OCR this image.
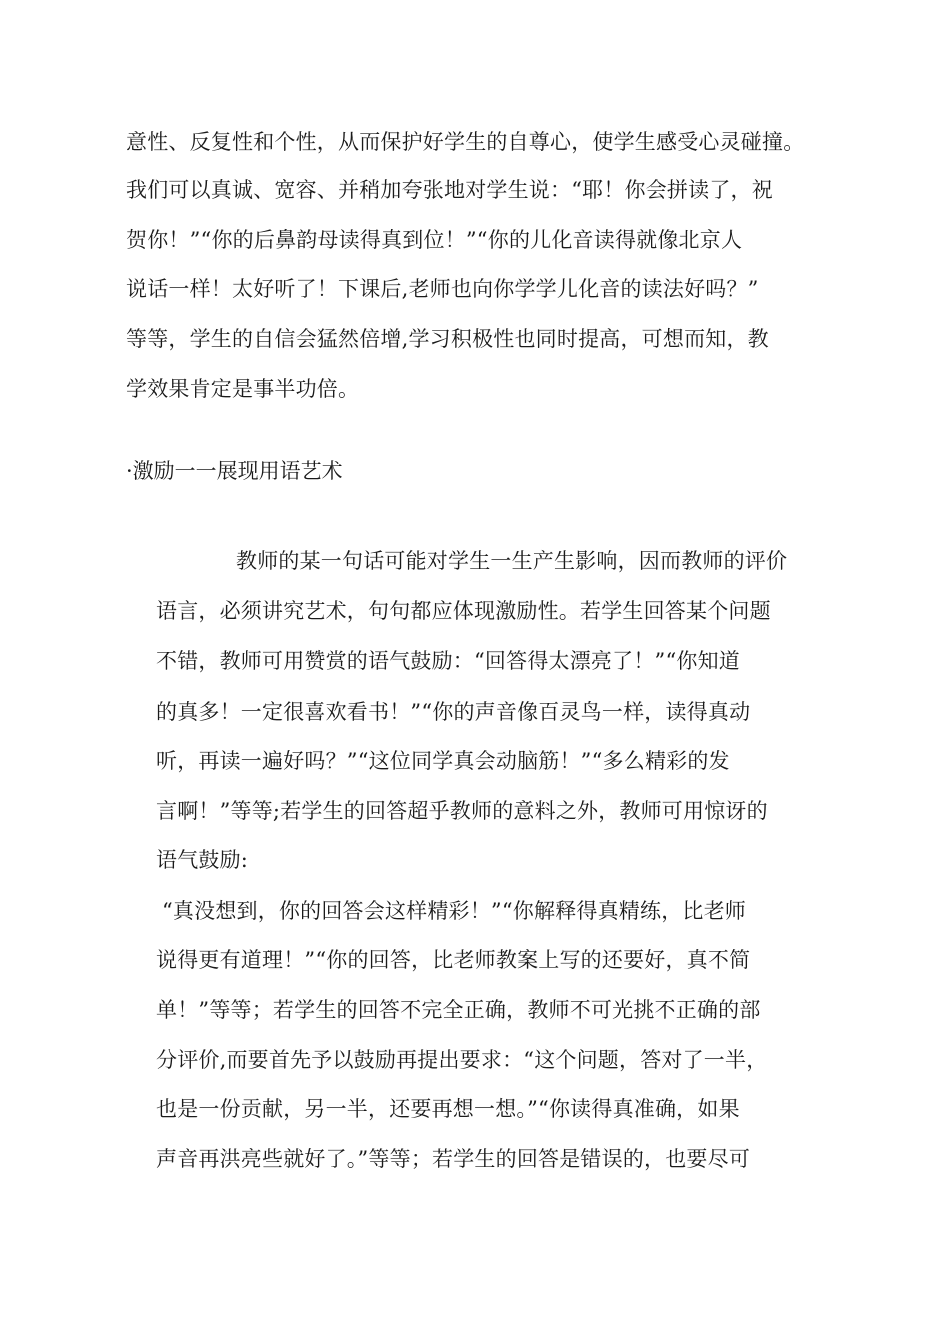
意性、反复性和个性，从而保护好学生的自尊心，使学生感受心灵碰撞。
我们可以真诚、宽容、并稍加夸张地对学生说：“耶！你会拼读了，祝
贺你！”“你的后鼻韵母读得真到位！”“你的儿化音读得就像北京人
说话一样！太好听了！下课后,老师也向你学学儿化音的读法好吗？”
等等，学生的自信会猛然倍增,学习积极性也同时提高，可想而知，教
学效果肯定是事半功倍。
·激励一一展现用语艺术
教师的某一句话可能对学生一生产生影响，因而教师的评价
语言，必须讲究艺术，句句都应体现激励性。若学生回答某个问题
不错，教师可用赞赏的语气鼓励：“回答得太漂亮了！”“你知道
的真多！一定很喜欢看书！”“你的声音像百灵鸟一样，读得真动
听，再读一遍好吗？”“这位同学真会动脑筋！”“多么精彩的发
言啊！”等等;若学生的回答超乎教师的意料之外，教师可用惊讶的
语气鼓励:
“真没想到，你的回答会这样精彩！”“你解释得真精练，比老师
说得更有道理！”“你的回答，比老师教案上写的还要好，真不简
单！”等等；若学生的回答不完全正确，教师不可光挑不正确的部
分评价,而要首先予以鼓励再提出要求：“这个问题，答对了一半，
也是一份贡献，另一半，还要再想一想。”“你读得真准确，如果
声音再洪亮些就好了。”等等；若学生的回答是错误的，也要尽可
